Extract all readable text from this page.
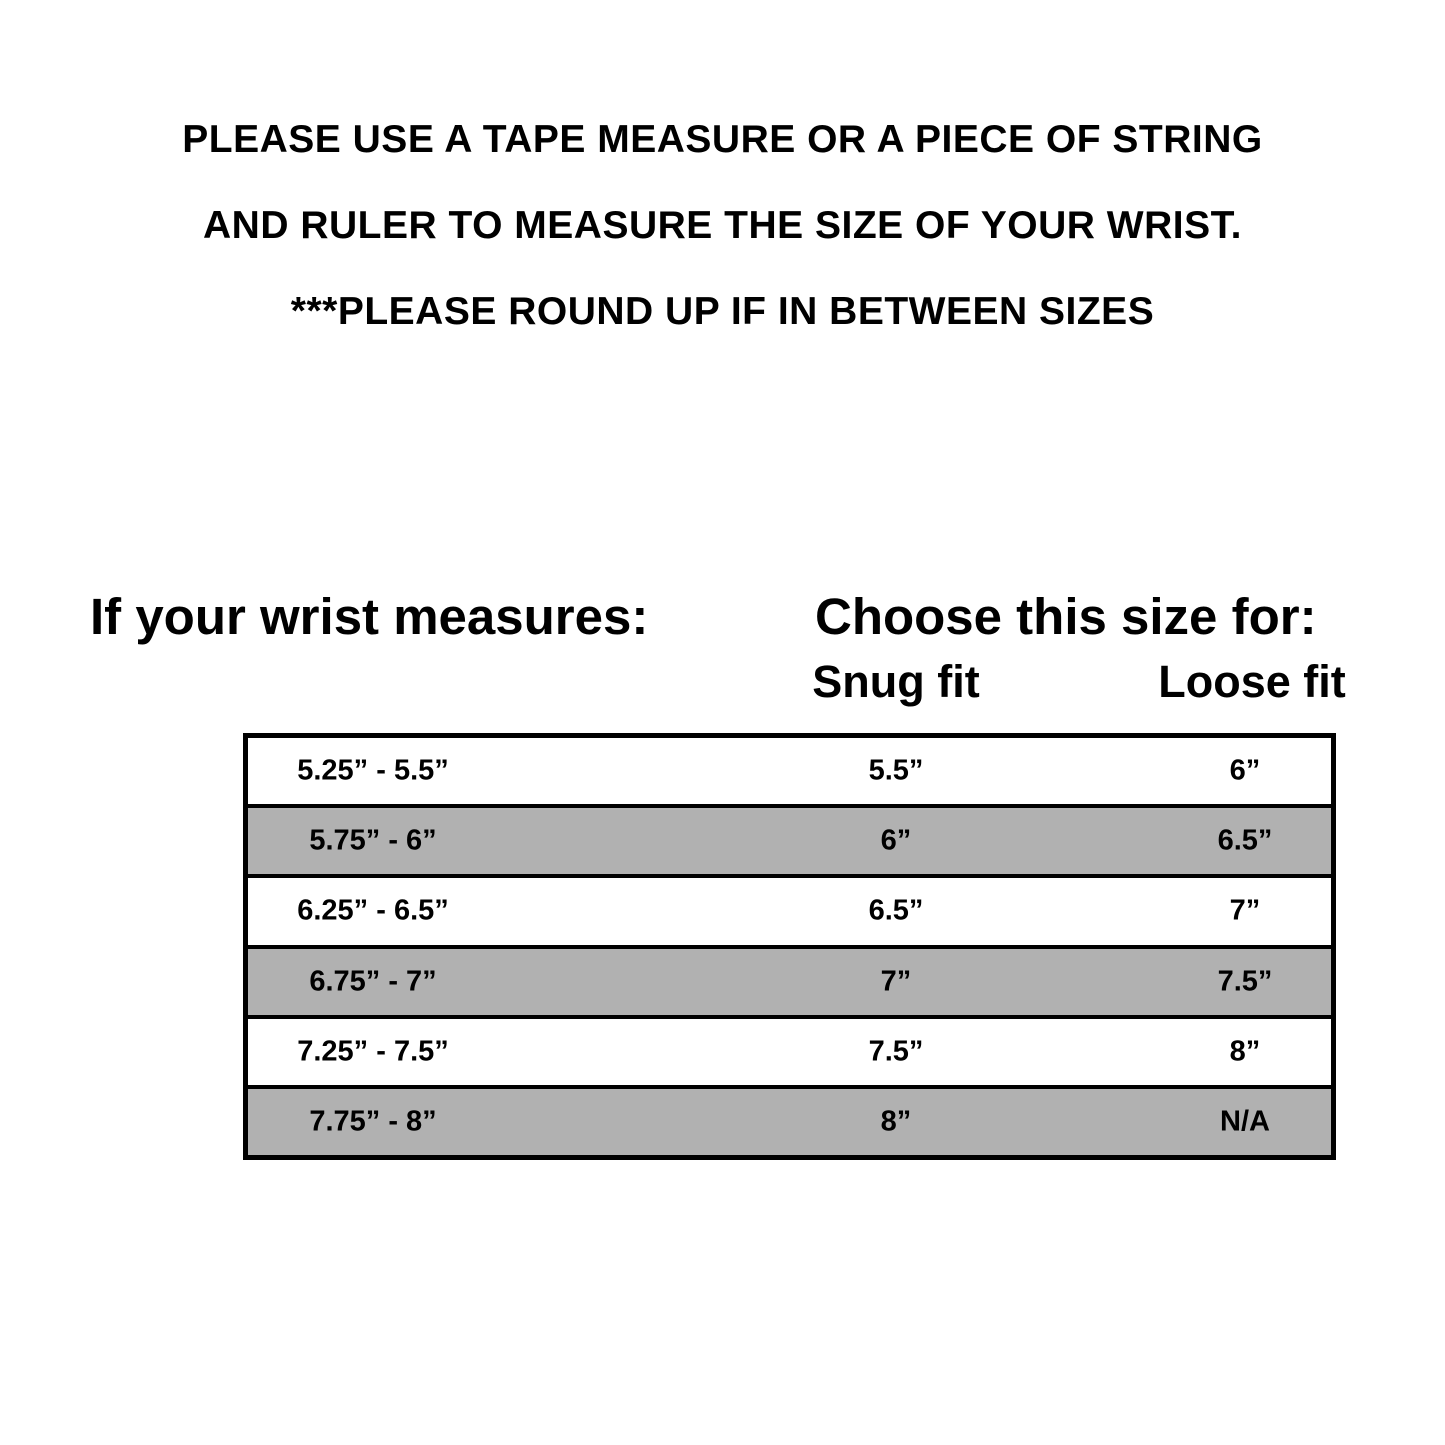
PLEASE USE A TAPE MEASURE OR A PIECE OF STRING

AND RULER TO MEASURE THE SIZE OF YOUR WRIST.

***PLEASE ROUND UP IF IN BETWEEN SIZES

If your wrist measures:	Choose this size for:
Snug fit	Loose fit
5.25” - 5.5”	5.5”	6”
5.75” - 6”	6”	6.5”
6.25” - 6.5”	6.5”	7”
6.75” - 7”	7”	7.5”
7.25” - 7.5”	7.5”	8”
7.75” - 8”	8”	N/A
